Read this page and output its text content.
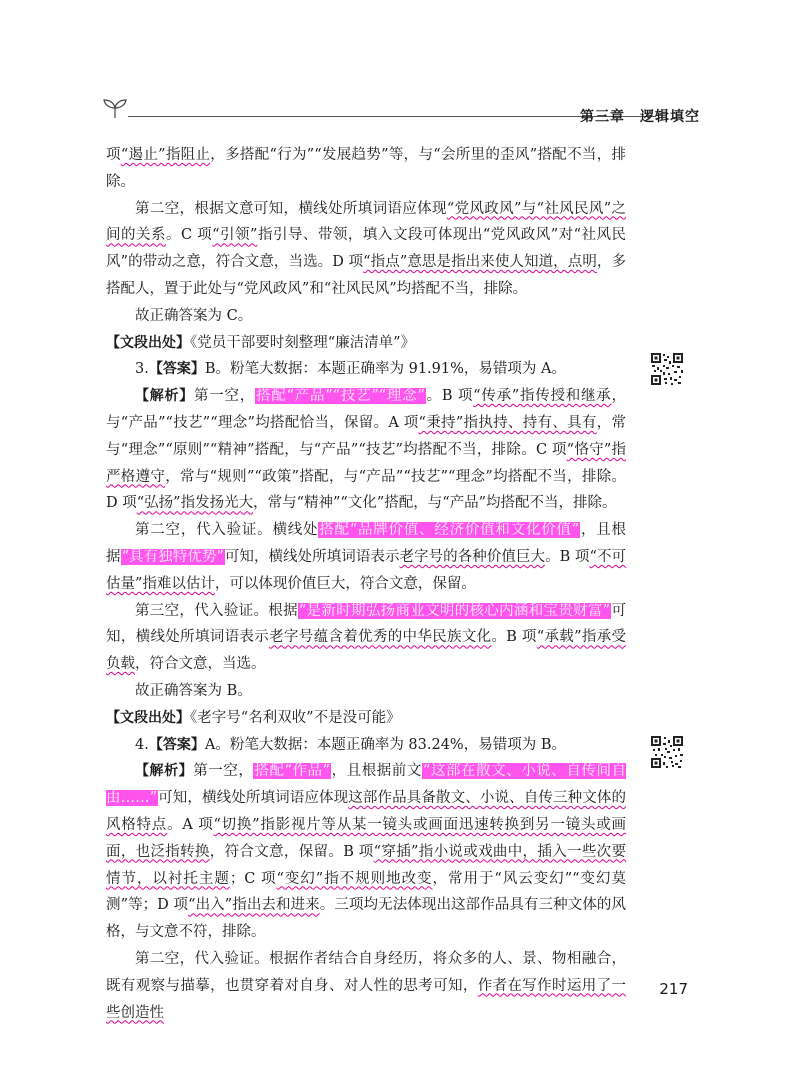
第三章　逻辑填空

项“遏止”指阻止，多搭配“行为”“发展趋势”等，与“会所里的歪风”搭配不当，排除。

第二空，根据文意可知，横线处所填词语应体现“党风政风”与“社风民风”之间的关系。C 项“引领”指引导、带领，填入文段可体现出“党风政风”对“社风民风”的带动之意，符合文意，当选。D 项“指点”意思是指出来使人知道，点明，多搭配人，置于此处与“党风政风”和“社风民风”均搭配不当，排除。

故正确答案为 C。

【文段出处】《党员干部要时刻整理“廉洁清单”》

3.【答案】B。粉笔大数据：本题正确率为 91.91%，易错项为 A。

【解析】第一空，搭配“产品”“技艺”“理念”。B 项“传承”指传授和继承，与“产品”“技艺”“理念”均搭配恰当，保留。A 项“秉持”指执持、持有、具有，常与“理念”“原则”“精神”搭配，与“产品”“技艺”均搭配不当，排除。C 项“恪守”指严格遵守，常与“规则”“政策”搭配，与“产品”“技艺”“理念”均搭配不当，排除。D 项“弘扬”指发扬光大，常与“精神”“文化”搭配，与“产品”均搭配不当，排除。

第二空，代入验证。横线处搭配“品牌价值、经济价值和文化价值”，且根据“具有独特优势”可知，横线处所填词语表示老字号的各种价值巨大。B 项“不可估量”指难以估计，可以体现价值巨大，符合文意，保留。

第三空，代入验证。根据“是新时期弘扬商业文明的核心内涵和宝贵财富”可知，横线处所填词语表示老字号蕴含着优秀的中华民族文化。B 项“承载”指承受负载，符合文意，当选。

故正确答案为 B。

【文段出处】《老字号“名利双收”不是没可能》

4.【答案】A。粉笔大数据：本题正确率为 83.24%，易错项为 B。

【解析】第一空，搭配“作品”，且根据前文“这部在散文、小说、自传间自由……”可知，横线处所填词语应体现这部作品具备散文、小说、自传三种文体的风格特点。A 项“切换”指影视片等从某一镜头或画面迅速转换到另一镜头或画面，也泛指转换，符合文意，保留。B 项“穿插”指小说或戏曲中，插入一些次要情节，以衬托主题；C 项“变幻”指不规则地改变，常用于“风云变幻”“变幻莫测”等；D 项“出入”指出去和进来。三项均无法体现出这部作品具有三种文体的风格，与文意不符，排除。

第二空，代入验证。根据作者结合自身经历，将众多的人、景、物相融合，既有观察与描摹，也贯穿着对自身、对人性的思考可知，作者在写作时运用了一些创造性

217
